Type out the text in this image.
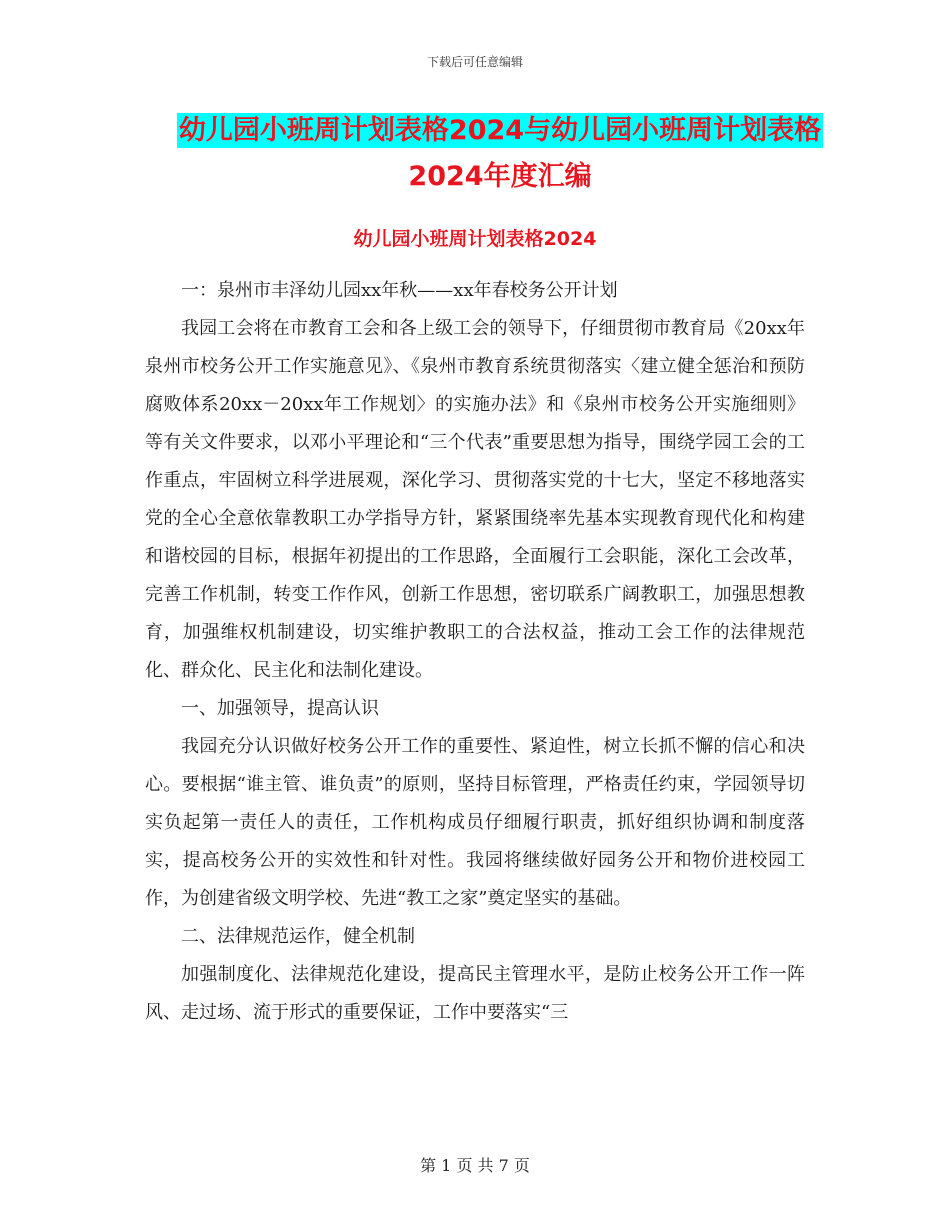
下载后可任意编辑
幼儿园小班周计划表格2024与幼儿园小班周计划表格
2024年度汇编
幼儿园小班周计划表格2024

一：泉州市丰泽幼儿园xx年秋——xx年春校务公开计划

我园工会将在市教育工会和各上级工会的领导下，仔细贯彻市教育局《20xx年泉州市校务公开工作实施意见》、《泉州市教育系统贯彻落实〈建立健全惩治和预防腐败体系20xx－20xx年工作规划〉的实施办法》和《泉州市校务公开实施细则》等有关文件要求，以邓小平理论和“三个代表”重要思想为指导，围绕学园工会的工作重点，牢固树立科学进展观，深化学习、贯彻落实党的十七大，坚定不移地落实党的全心全意依靠教职工办学指导方针，紧紧围绕率先基本实现教育现代化和构建和谐校园的目标，根据年初提出的工作思路，全面履行工会职能，深化工会改革，完善工作机制，转变工作作风，创新工作思想，密切联系广阔教职工，加强思想教育，加强维权机制建设，切实维护教职工的合法权益，推动工会工作的法律规范化、群众化、民主化和法制化建设。

一、加强领导，提高认识

我园充分认识做好校务公开工作的重要性、紧迫性，树立长抓不懈的信心和决心。要根据“谁主管、谁负责”的原则，坚持目标管理，严格责任约束，学园领导切实负起第一责任人的责任，工作机构成员仔细履行职责，抓好组织协调和制度落实，提高校务公开的实效性和针对性。我园将继续做好园务公开和物价进校园工作，为创建省级文明学校、先进“教工之家”奠定坚实的基础。

二、法律规范运作，健全机制

加强制度化、法律规范化建设，提高民主管理水平，是防止校务公开工作一阵风、走过场、流于形式的重要保证，工作中要落实“三

第 1 页 共 7 页
